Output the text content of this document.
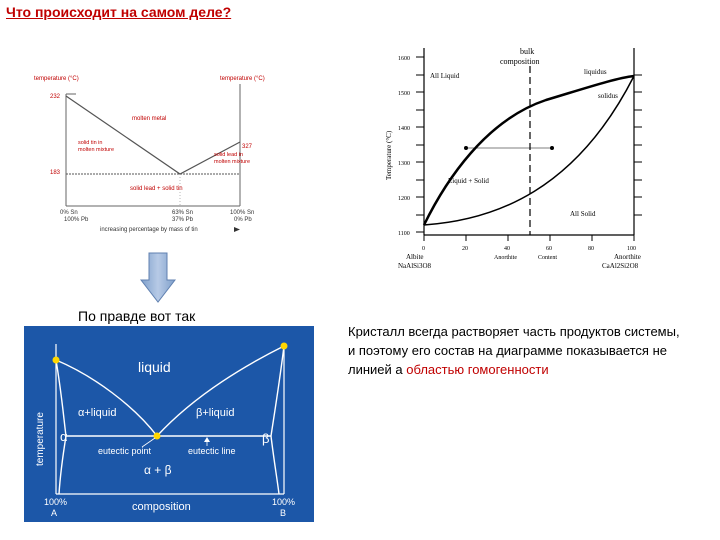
Что происходит на самом деле?
temperature (°C)	temperature (°C)
232
183
327
molten metal
solid tin in
molten mixture
solid lead in
molten mixture
solid lead + solid tin
0% Sn
100% Pb
63% Sn
37% Pb
100% Sn
0% Pb
increasing percentage by mass of tin
1600
1500
1400
1300
1200
1100
0	20	40	60	80	100
Temperature (°C)
bulk
composition
liquidus
solidus
All Liquid
Liquid + Solid
All Solid
Albite
NaAlSi3O8
Anorthite
CaAl2Si2O8
Anorthite	Content
По правде вот так
liquid
α+liquid	β+liquid
α	β
eutectic point	eutectic line
α + β
temperature
composition
100%
A
100%
B
Кристалл всегда растворяет часть продуктов системы, и поэтому его состав на диаграмме показывается не линией а областью гомогенности
